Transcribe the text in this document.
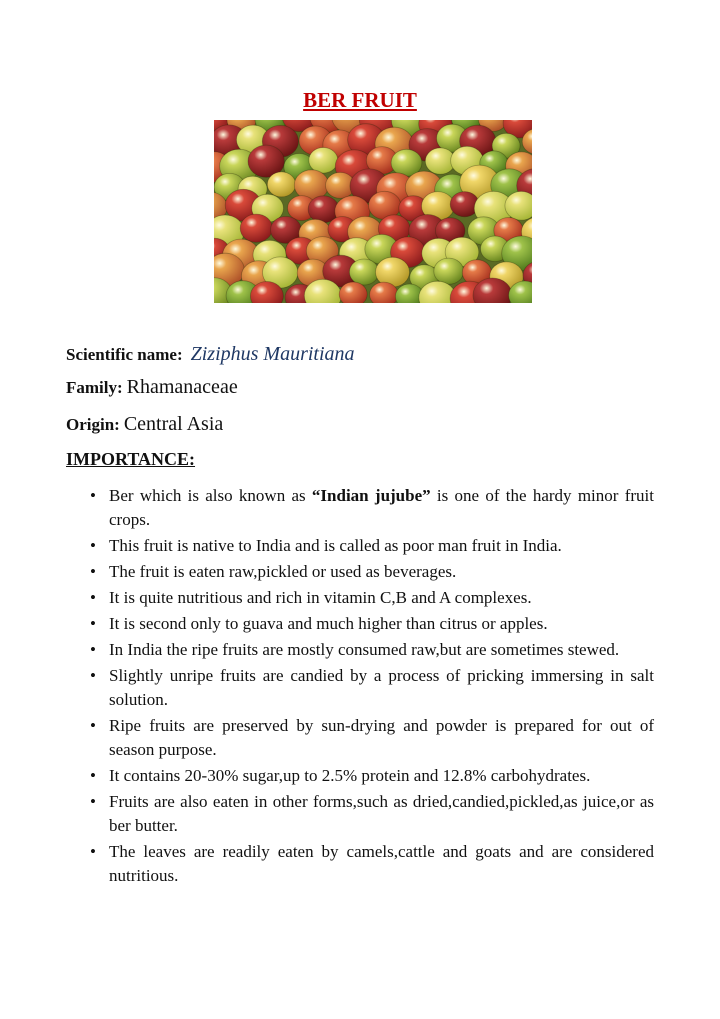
BER FRUIT
Scientific name: Ziziphus Mauritiana
Family: Rhamanaceae
Origin: Central Asia
IMPORTANCE:
• Ber which is also known as “Indian jujube” is one of the hardy minor fruit crops.
• This fruit is native to India and is called as poor man fruit in India.
• The fruit is eaten raw,pickled or used as beverages.
• It is quite nutritious and rich in vitamin C,B and A complexes.
• It is second only to guava and much higher than citrus or apples.
• In India the ripe fruits are mostly consumed raw,but are sometimes stewed.
• Slightly unripe fruits are candied by a process of pricking immersing in salt solution.
• Ripe fruits are preserved by sun-drying and powder is prepared for out of season purpose.
• It contains 20-30% sugar,up to 2.5% protein and 12.8% carbohydrates.
• Fruits are also eaten in other forms,such as dried,candied,pickled,as juice,or as ber butter.
• The leaves are readily eaten by camels,cattle and goats and are considered nutritious.
